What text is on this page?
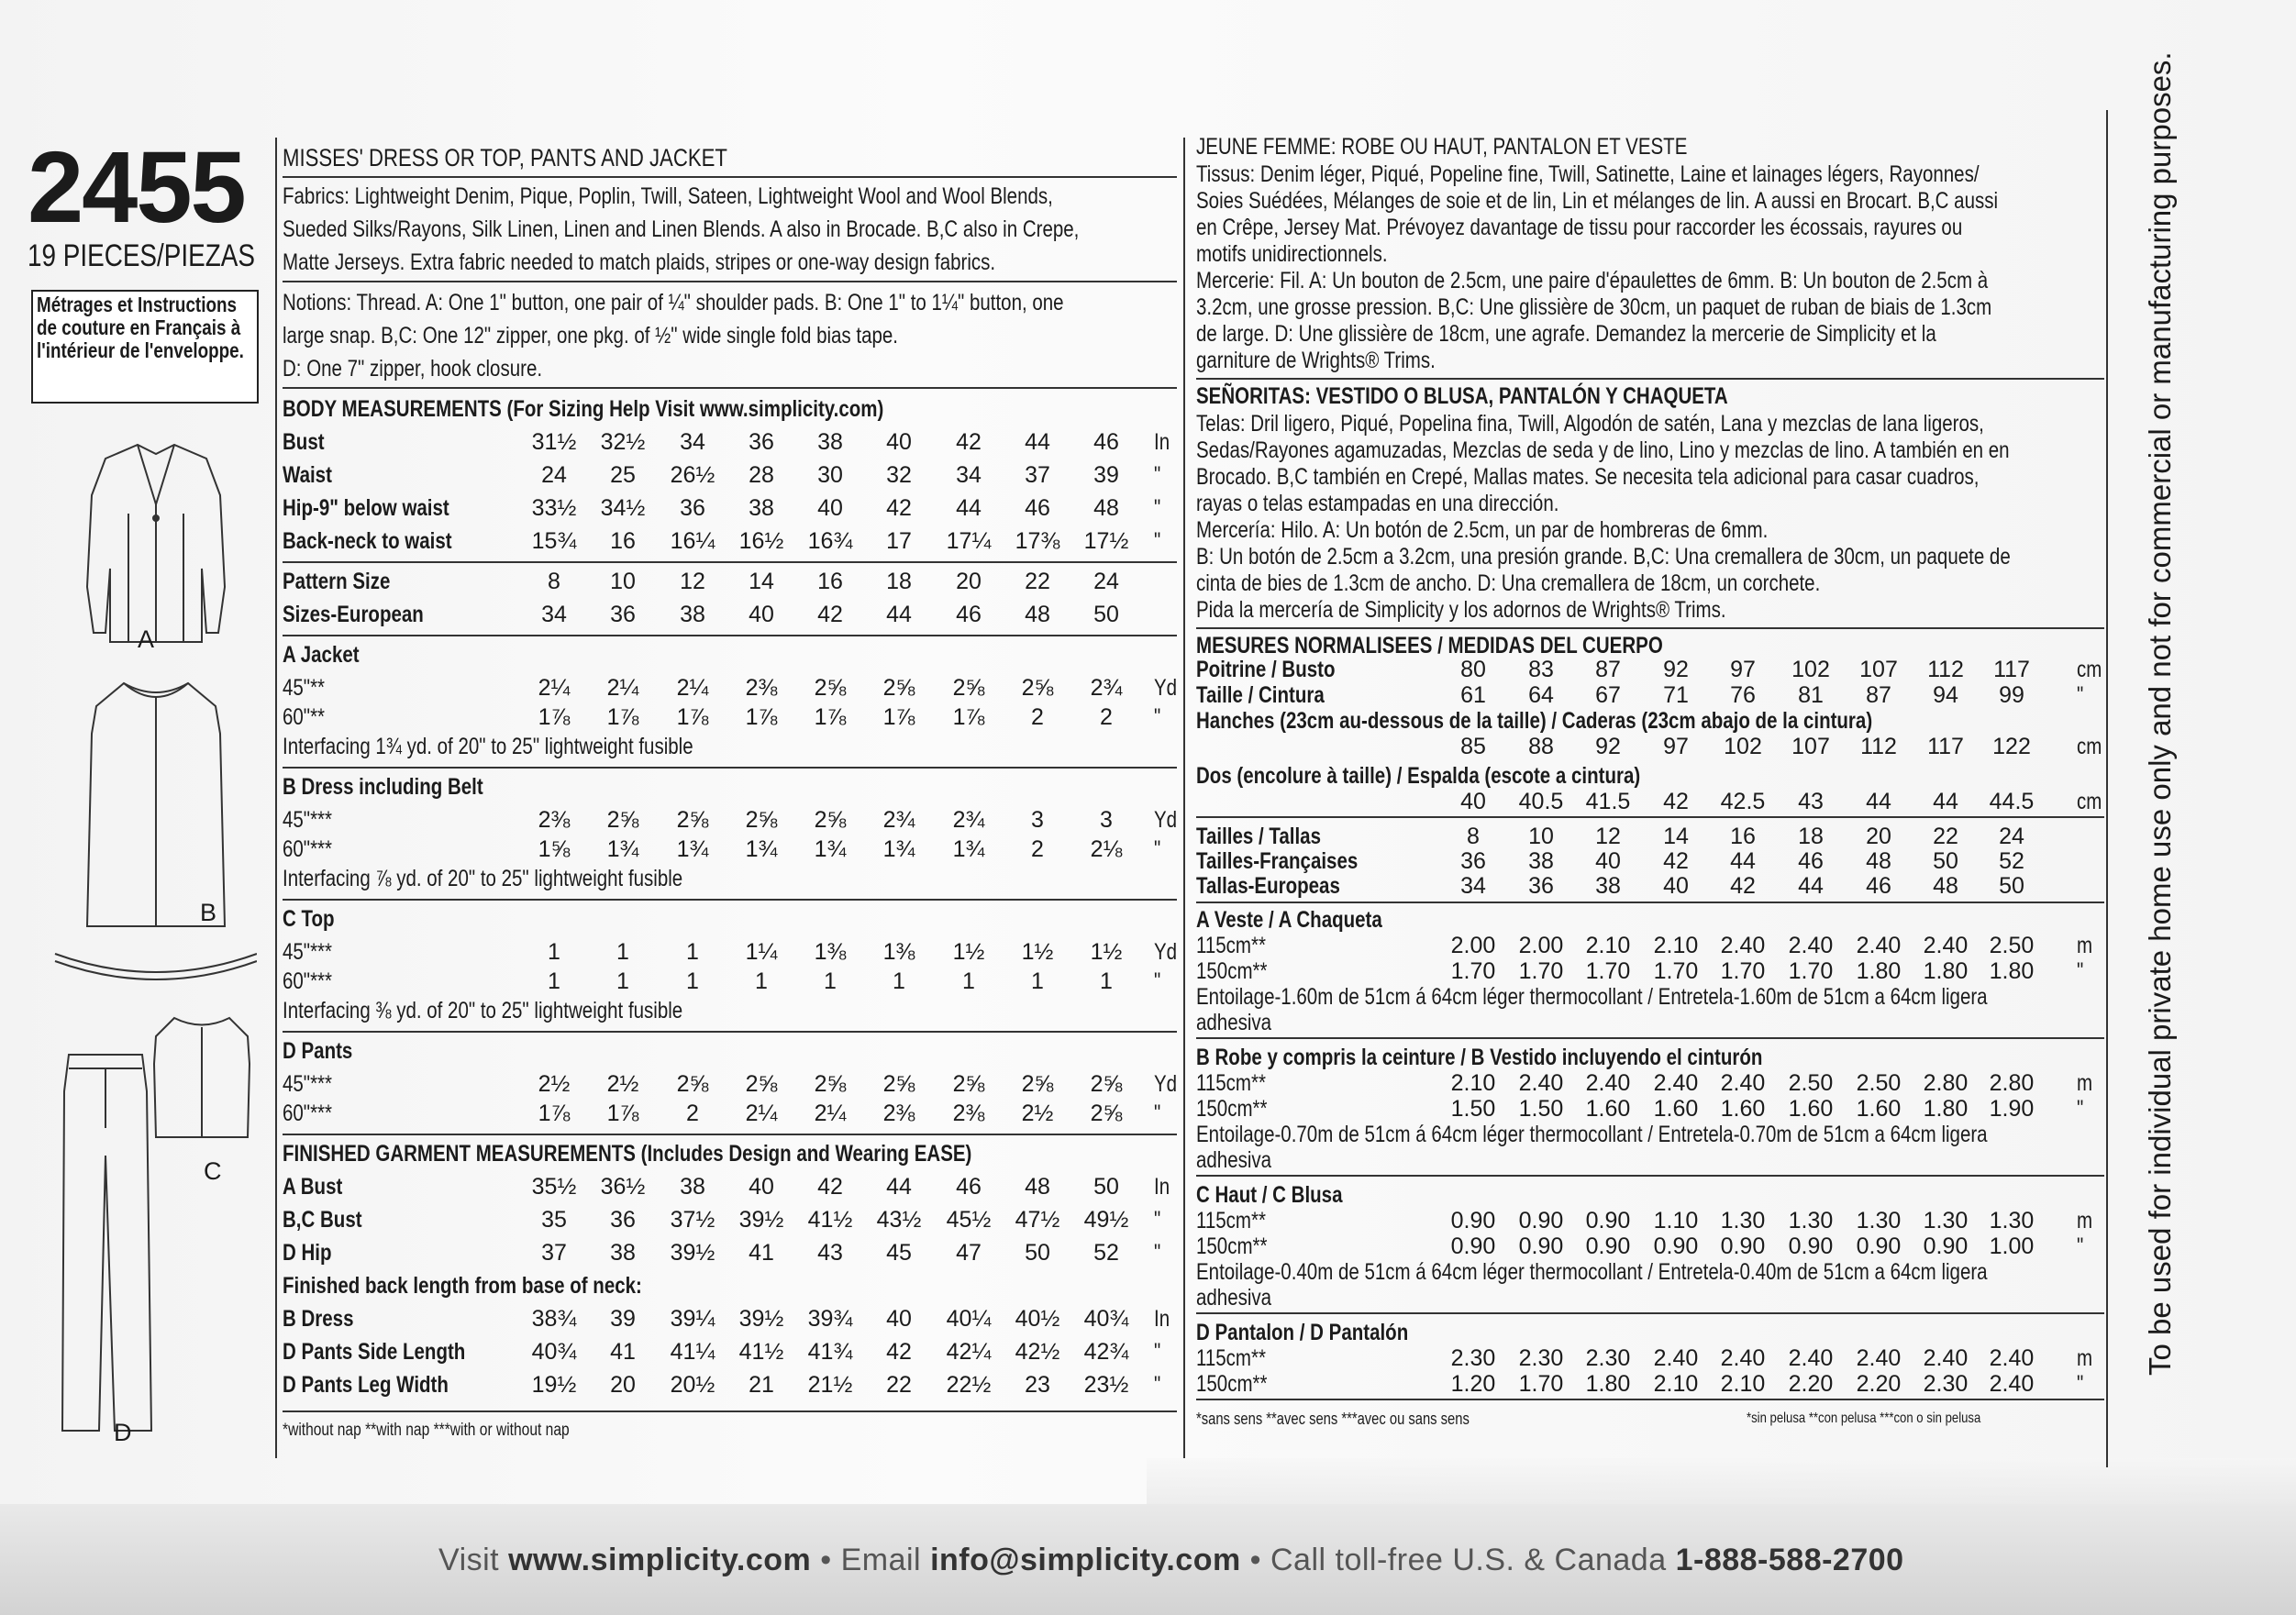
2455
19 PIECES/PIEZAS
Métrages et Instructions de couture en Français à l'intérieur de l'enveloppe.
A
B
C
D
MISSES' DRESS OR TOP, PANTS AND JACKET
Fabrics: Lightweight Denim, Pique, Poplin, Twill, Sateen, Lightweight Wool and Wool Blends,
Sueded Silks/Rayons, Silk Linen, Linen and Linen Blends. A also in Brocade. B,C also in Crepe,
Matte Jerseys. Extra fabric needed to match plaids, stripes or one-way design fabrics.
Notions: Thread. A: One 1" button, one pair of ¼" shoulder pads. B: One 1" to 1¼" button, one
large snap. B,C: One 12" zipper, one pkg. of ½" wide single fold bias tape.
D: One 7" zipper, hook closure.
BODY MEASUREMENTS (For Sizing Help Visit www.simplicity.com)
Bust	31½ 32½	34	36	38	40	42	44	46	In
Waist	24	25	26½	28	30	32	34	37	39	"
Hip-9" below waist	33½ 34½	36	38	40	42	44	46	48	"
Back-neck to waist	15¾	16	16¼ 16½ 16¾	17	17¼ 17⅜ 17½ "
Pattern Size	8	10	12	14	16	18	20	22	24
Sizes-European	34	36	38	40	42	44	46	48	50
A Jacket
45"**	2¼	2¼	2¼	2⅜	2⅝	2⅝	2⅝	2⅝	2¾	Yd
60"**	1⅞	1⅞	1⅞	1⅞	1⅞	1⅞	1⅞	2	2	"
Interfacing 1¾ yd. of 20" to 25" lightweight fusible
B Dress including Belt
45"***	2⅜	2⅝	2⅝	2⅝	2⅝	2¾	2¾	3	3	Yd
60"***	1⅝	1¾	1¾	1¾	1¾	1¾	1¾	2	2⅛	"
Interfacing ⅞ yd. of 20" to 25" lightweight fusible
C Top
45"***	1	1	1	1¼	1⅜	1⅜	1½	1½	1½	Yd
60"***	1	1	1	1	1	1	1	1	1	"
Interfacing ⅜ yd. of 20" to 25" lightweight fusible
D Pants
45"***	2½	2½	2⅝	2⅝	2⅝	2⅝	2⅝	2⅝	2⅝	Yd
60"***	1⅞	1⅞	2	2¼	2¼	2⅜	2⅜	2½	2⅝	"
FINISHED GARMENT MEASUREMENTS (Includes Design and Wearing EASE)
A Bust	35½ 36½	38	40	42	44	46	48	50	In
B,C Bust	35	36	37½ 39½ 41½ 43½ 45½ 47½ 49½ "
D Hip	37	38	39½	41	43	45	47	50	52	"
Finished back length from base of neck:
B Dress	38¾	39	39¼ 39½ 39¾	40	40¼ 40½ 40¾ In
D Pants Side Length	40¾	41	41¼ 41½ 41¾	42	42¼ 42½ 42¾ "
D Pants Leg Width	19½	20	20½	21	21½	22	22½	23	23½ "
*without nap **with nap ***with or without nap
JEUNE FEMME: ROBE OU HAUT, PANTALON ET VESTE
Tissus: Denim léger, Piqué, Popeline fine, Twill, Satinette, Laine et lainages légers, Rayonnes/
Soies Suédées, Mélanges de soie et de lin, Lin et mélanges de lin. A aussi en Brocart. B,C aussi
en Crêpe, Jersey Mat. Prévoyez davantage de tissu pour raccorder les écossais, rayures ou
motifs unidirectionnels.
Mercerie: Fil. A: Un bouton de 2.5cm, une paire d'épaulettes de 6mm. B: Un bouton de 2.5cm à
3.2cm, une grosse pression. B,C: Une glissière de 30cm, un paquet de ruban de biais de 1.3cm
de large. D: Une glissière de 18cm, une agrafe. Demandez la mercerie de Simplicity et la
garniture de Wrights® Trims.
SEÑORITAS: VESTIDO O BLUSA, PANTALÓN Y CHAQUETA
Telas: Dril ligero, Piqué, Popelina fina, Twill, Algodón de satén, Lana y mezclas de lana ligeros,
Sedas/Rayones agamuzadas, Mezclas de seda y de lino, Lino y mezclas de lino. A también en en
Brocado. B,C también en Crepé, Mallas mates. Se necesita tela adicional para casar cuadros,
rayas o telas estampadas en una dirección.
Mercería: Hilo. A: Un botón de 2.5cm, un par de hombreras de 6mm.
B: Un botón de 2.5cm a 3.2cm, una presión grande. B,C: Una cremallera de 30cm, un paquete de
cinta de bies de 1.3cm de ancho. D: Una cremallera de 18cm, un corchete.
Pida la mercería de Simplicity y los adornos de Wrights® Trims.
MESURES NORMALISEES / MEDIDAS DEL CUERPO
Poitrine / Busto	80	83	87	92	97	102	107	112	117	cm
Taille / Cintura	61	64	67	71	76	81	87	94	99	"
Hanches (23cm au-dessous de la taille) / Caderas (23cm abajo de la cintura)
85	88	92	97	102	107	112	117	122	cm
Dos (encolure à taille) / Espalda (escote a cintura)
40	40.5 41.5	42	42.5	43	44	44	44.5 cm
Tailles / Tallas	8	10	12	14	16	18	20	22	24
Tailles-Françaises	36	38	40	42	44	46	48	50	52
Tallas-Europeas	34	36	38	40	42	44	46	48	50
A Veste / A Chaqueta
115cm**	2.00 2.00 2.10 2.10 2.40 2.40 2.40 2.40 2.50 m
150cm**	1.70 1.70 1.70 1.70 1.70 1.70 1.80 1.80 1.80 "
Entoilage-1.60m de 51cm á 64cm léger thermocollant / Entretela-1.60m de 51cm a 64cm ligera
adhesiva
B Robe y compris la ceinture / B Vestido incluyendo el cinturón
115cm**	2.10 2.40 2.40 2.40 2.40 2.50 2.50 2.80 2.80 m
150cm**	1.50 1.50 1.60 1.60 1.60 1.60 1.60 1.80 1.90 "
Entoilage-0.70m de 51cm á 64cm léger thermocollant / Entretela-0.70m de 51cm a 64cm ligera
adhesiva
C Haut / C Blusa
115cm**	0.90 0.90 0.90 1.10 1.30 1.30 1.30 1.30 1.30 m
150cm**	0.90 0.90 0.90 0.90 0.90 0.90 0.90 0.90 1.00 "
Entoilage-0.40m de 51cm á 64cm léger thermocollant / Entretela-0.40m de 51cm a 64cm ligera
adhesiva
D Pantalon / D Pantalón
115cm**	2.30 2.30 2.30 2.40 2.40 2.40 2.40 2.40 2.40 m
150cm**	1.20 1.70 1.80 2.10 2.10 2.20 2.20 2.30 2.40 "
*sans sens **avec sens ***avec ou sans sens	*sin pelusa **con pelusa ***con o sin pelusa
To be used for individual private home use only and not for commercial or manufacturing purposes.
Visit www.simplicity.com • Email info@simplicity.com • Call toll-free U.S. & Canada 1-888-588-2700
